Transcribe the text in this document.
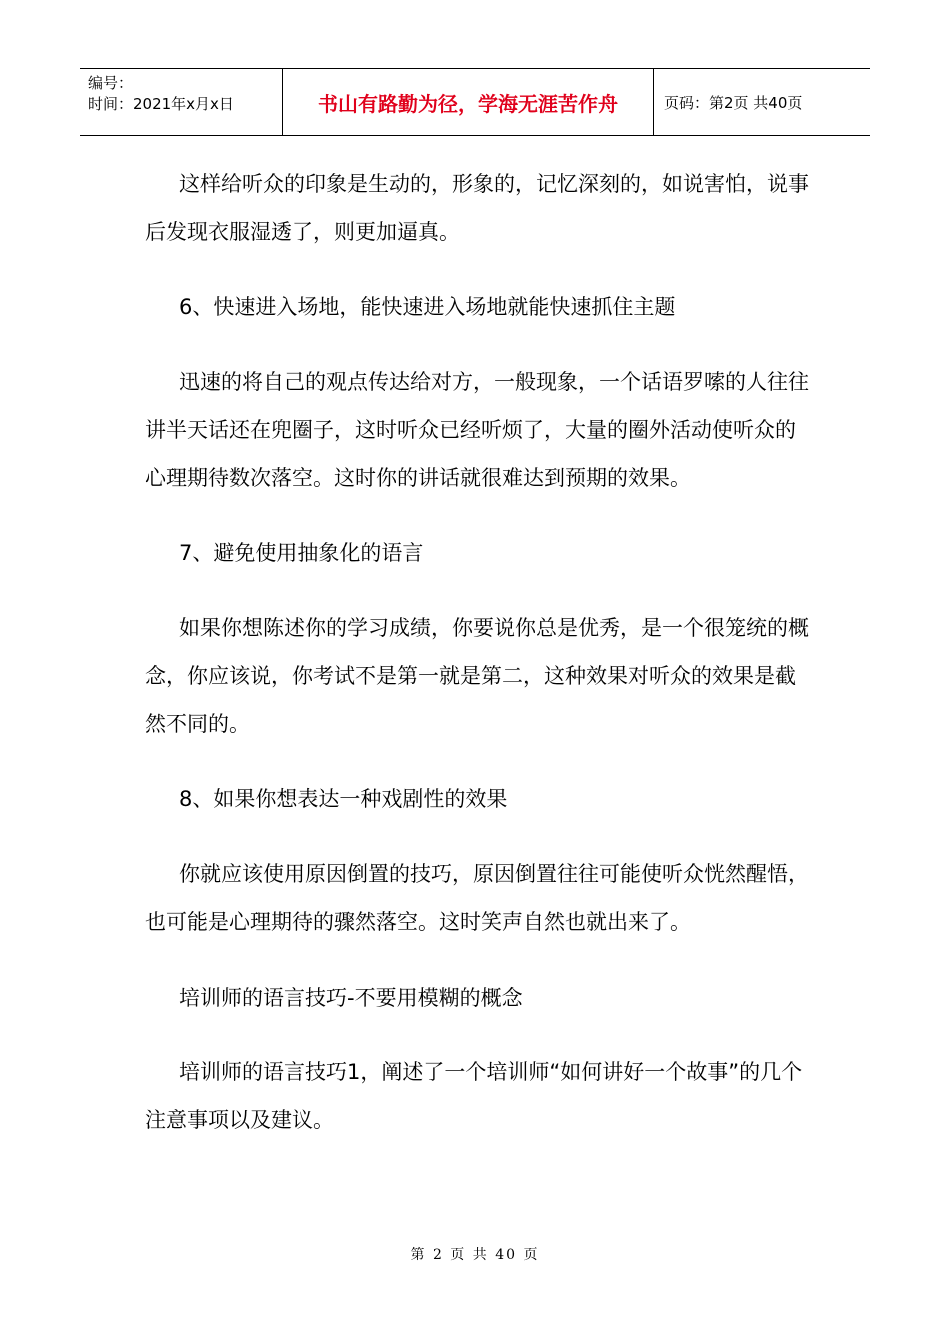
编号：
时间：2021年x月x日	书山有路勤为径，学海无涯苦作舟	页码：第2页 共40页

这样给听众的印象是生动的，形象的，记忆深刻的，如说害怕，说事后发现衣服湿透了，则更加逼真。

6、快速进入场地，能快速进入场地就能快速抓住主题

迅速的将自己的观点传达给对方，一般现象，一个话语罗嗦的人往往讲半天话还在兜圈子，这时听众已经听烦了，大量的圈外活动使听众的心理期待数次落空。这时你的讲话就很难达到预期的效果。

7、避免使用抽象化的语言

如果你想陈述你的学习成绩，你要说你总是优秀，是一个很笼统的概念，你应该说，你考试不是第一就是第二，这种效果对听众的效果是截然不同的。

8、如果你想表达一种戏剧性的效果

你就应该使用原因倒置的技巧，原因倒置往往可能使听众恍然醒悟，也可能是心理期待的骤然落空。这时笑声自然也就出来了。

培训师的语言技巧-不要用模糊的概念

培训师的语言技巧1，阐述了一个培训师“如何讲好一个故事”的几个注意事项以及建议。

第 2 页 共 40 页
